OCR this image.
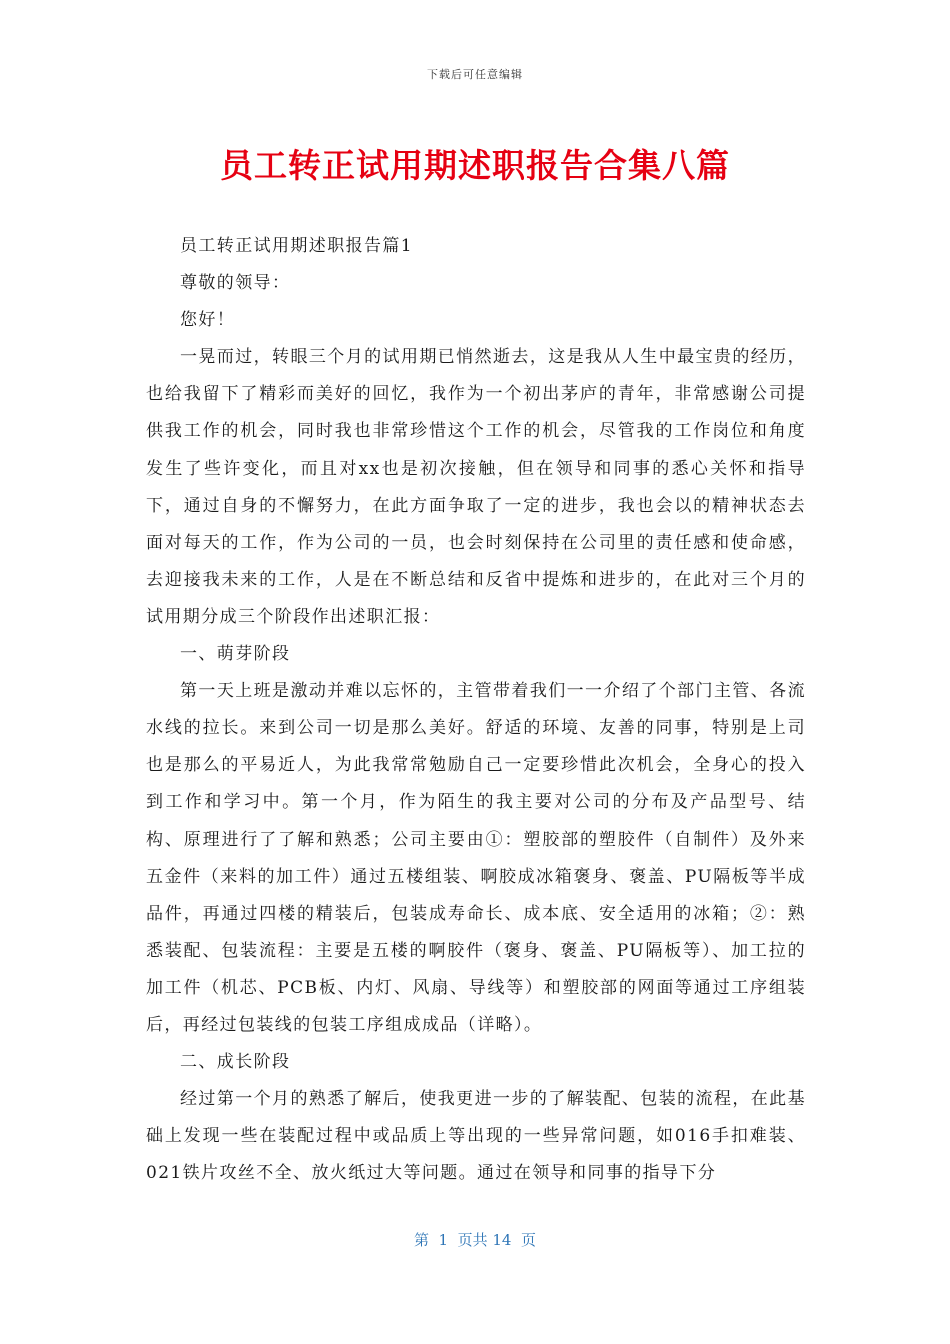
下载后可任意编辑
员工转正试用期述职报告合集八篇

员工转正试用期述职报告篇1

尊敬的领导：

您好！

一晃而过，转眼三个月的试用期已悄然逝去，这是我从人生中最宝贵的经历，也给我留下了精彩而美好的回忆，我作为一个初出茅庐的青年，非常感谢公司提供我工作的机会，同时我也非常珍惜这个工作的机会，尽管我的工作岗位和角度发生了些许变化，而且对xx也是初次接触，但在领导和同事的悉心关怀和指导下，通过自身的不懈努力，在此方面争取了一定的进步，我也会以的精神状态去面对每天的工作，作为公司的一员，也会时刻保持在公司里的责任感和使命感，去迎接我未来的工作，人是在不断总结和反省中提炼和进步的，在此对三个月的试用期分成三个阶段作出述职汇报：

一、萌芽阶段

第一天上班是激动并难以忘怀的，主管带着我们一一介绍了个部门主管、各流水线的拉长。来到公司一切是那么美好。舒适的环境、友善的同事，特别是上司也是那么的平易近人，为此我常常勉励自己一定要珍惜此次机会，全身心的投入到工作和学习中。第一个月，作为陌生的我主要对公司的分布及产品型号、结构、原理进行了了解和熟悉；公司主要由①：塑胶部的塑胶件（自制件）及外来五金件（来料的加工件）通过五楼组装、啊胶成冰箱褒身、褒盖、PU隔板等半成品件，再通过四楼的精装后，包装成寿命长、成本底、安全适用的冰箱；②：熟悉装配、包装流程：主要是五楼的啊胶件（褒身、褒盖、PU隔板等）、加工拉的加工件（机芯、PCB板、内灯、风扇、导线等）和塑胶部的网面等通过工序组装后，再经过包装线的包装工序组成成品（详略）。

二、成长阶段

经过第一个月的熟悉了解后，使我更进一步的了解装配、包装的流程，在此基础上发现一些在装配过程中或品质上等出现的一些异常问题，如016手扣难装、021铁片攻丝不全、放火纸过大等问题。通过在领导和同事的指导下分

第  1  页共 14  页
